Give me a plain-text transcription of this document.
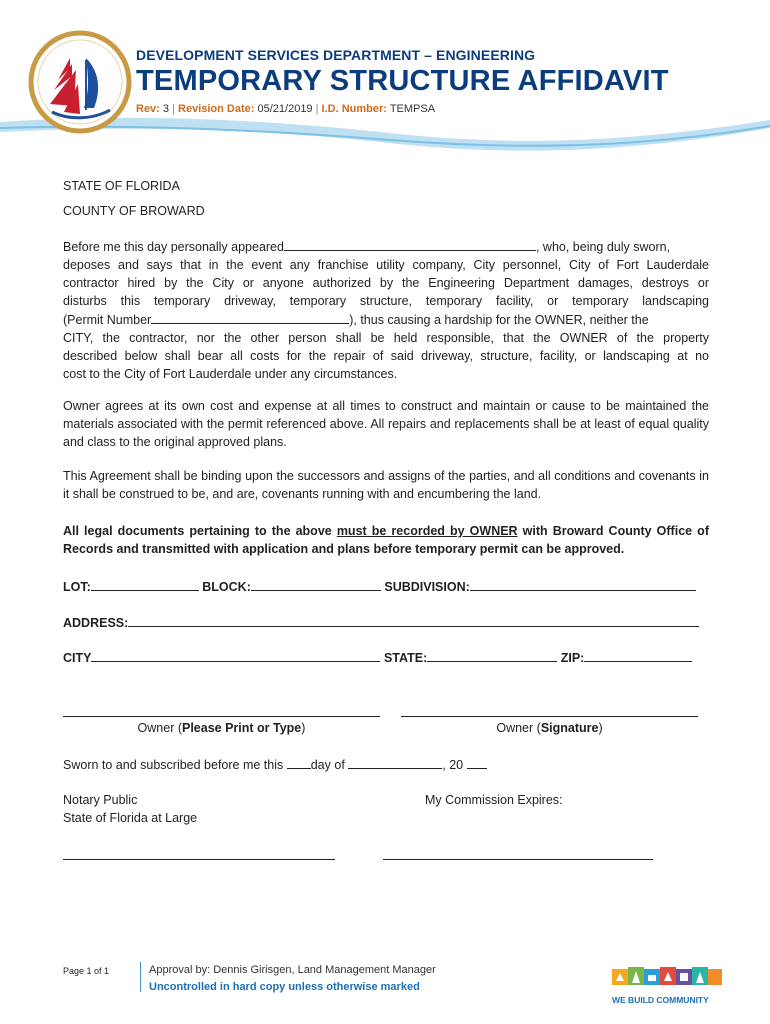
DEVELOPMENT SERVICES DEPARTMENT – ENGINEERING
TEMPORARY STRUCTURE AFFIDAVIT
Rev: 3 | Revision Date: 05/21/2019 | I.D. Number: TEMPSA
STATE OF FLORIDA
COUNTY OF BROWARD
Before me this day personally appeared	, who, being duly sworn,
deposes and says that in the event any franchise utility company, City personnel, City of Fort Lauderdale
contractor hired by the City or anyone authorized by the Engineering Department damages, destroys or
disturbs this temporary driveway, temporary structure, temporary facility, or temporary landscaping
(Permit Number	), thus causing a hardship for the OWNER, neither the
CITY, the contractor, nor the other person shall be held responsible, that the OWNER of the property
described below shall bear all costs for the repair of said driveway, structure, facility, or landscaping at no
cost to the City of Fort Lauderdale under any circumstances.
Owner agrees at its own cost and expense at all times to construct and maintain or cause to be maintained the materials associated with the permit referenced above. All repairs and replacements shall be at least of equal quality and class to the original approved plans.
This Agreement shall be binding upon the successors and assigns of the parties, and all conditions and covenants in it shall be construed to be, and are, covenants running with and encumbering the land.
All legal documents pertaining to the above must be recorded by OWNER with Broward County Office of Records and transmitted with application and plans before temporary permit can be approved.
LOT:	BLOCK:	SUBDIVISION:
ADDRESS:
CITY	STATE:	ZIP:
Owner (Please Print or Type)	Owner (Signature)
Sworn to and subscribed before me this day of	, 20
Notary Public
State of Florida at Large
My Commission Expires:
Page 1 of 1	Approval by: Dennis Girisgen, Land Management Manager
Uncontrolled in hard copy unless otherwise marked
WE BUILD COMMUNITY
